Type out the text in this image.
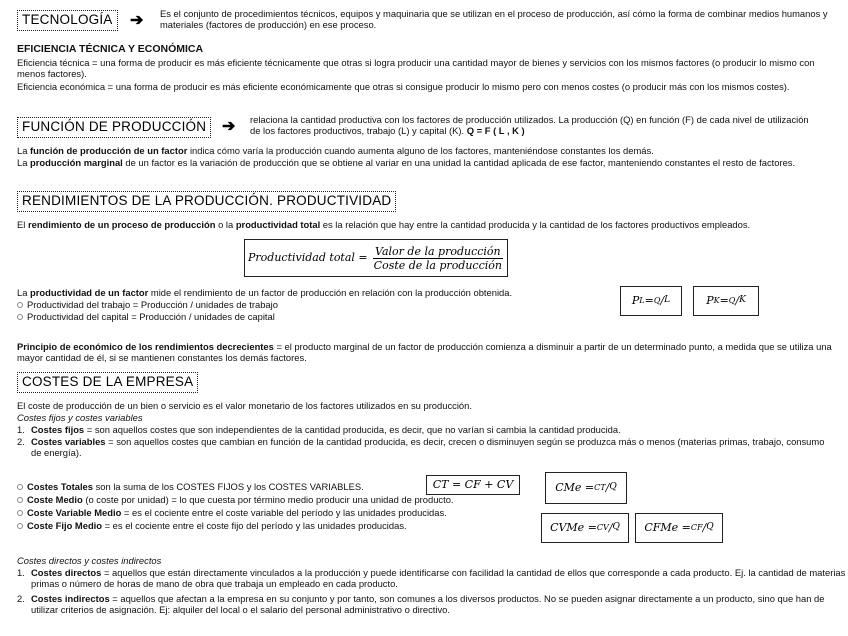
TECNOLOGÍA	➔ Es el conjunto de procedimientos técnicos, equipos y maquinaria que se utilizan en el proceso de producción, así cómo la forma de combinar medios humanos y materiales (factores de producción) en ese proceso.
EFICIENCIA TÉCNICA Y ECONÓMICA
Eficiencia técnica = una forma de producir es más eficiente técnicamente que otras si logra producir una cantidad mayor de bienes y servicios con los mismos factores (o producir lo mismo con menos factores).
Eficiencia económica = una forma de producir es más eficiente económicamente que otras si consigue producir lo mismo pero con menos costes (o producir más con los mismos costes).
FUNCIÓN DE PRODUCCIÓN ➔ relaciona la cantidad productiva con los factores de producción utilizados. La producción (Q) en función (F) de cada nivel de utilización de los factores productivos, trabajo (L) y capital (K). Q = F ( L , K )
La función de producción de un factor indica cómo varía la producción cuando aumenta alguno de los factores, manteniéndose constantes los demás.
La producción marginal de un factor es la variación de producción que se obtiene al variar en una unidad la cantidad aplicada de ese factor, manteniendo constantes el resto de factores.
RENDIMIENTOS DE LA PRODUCCIÓN. PRODUCTIVIDAD
El rendimiento de un proceso de producción o la productividad total es la relación que hay entre la cantidad producida y la cantidad de los factores productivos empleados.
Productividad total = $\frac{\text{Valor de la producción}}{\text{Coste de la producción}}$
La productividad de un factor mide el rendimiento de un factor de producción en relación con la producción obtenida.
Productividad del trabajo = Producción / unidades de trabajo
Productividad del capital = Producción / unidades de capital
P L = Q / L	P K = Q / K
Principio de económico de los rendimientos decrecientes = el producto marginal de un factor de producción comienza a disminuir a partir de un determinado punto, a medida que se utiliza una mayor cantidad de él, si se mantienen constantes los demás factores.
COSTES DE LA EMPRESA
El coste de producción de un bien o servicio es el valor monetario de los factores utilizados en su producción.
Costes fijos y costes variables
1. Costes fijos = son aquellos costes que son independientes de la cantidad producida, es decir, que no varían si cambia la cantidad producida.
2. Costes variables = son aquellos costes que cambian en función de la cantidad producida, es decir, crecen o disminuyen según se produzca más o menos (materias primas, trabajo, consumo de energía).
Costes Totales son la suma de los COSTES FIJOS y los COSTES VARIABLES.
Coste Medio (o coste por unidad) = lo que cuesta por término medio producir una unidad de producto.
Coste Variable Medio = es el cociente entre el coste variable del período y las unidades producidas.
Coste Fijo Medio = es el cociente entre el coste fijo del período y las unidades producidas.
CT = CF + CV	CMe = CT / Q
CVMe = CV / Q CFMe = CF / Q
Costes directos y costes indirectos
1. Costes directos = aquellos que están directamente vinculados a la producción y puede identificarse con facilidad la cantidad de ellos que corresponde a cada producto. Ej. la cantidad de materias primas o número de horas de mano de obra que trabaja un empleado en cada producto.
2. Costes indirectos = aquellos que afectan a la empresa en su conjunto y por tanto, son comunes a los diversos productos. No se pueden asignar directamente a un producto, sino que han de utilizar criterios de asignación. Ej: alquiler del local o el salario del personal administrativo o directivo.
